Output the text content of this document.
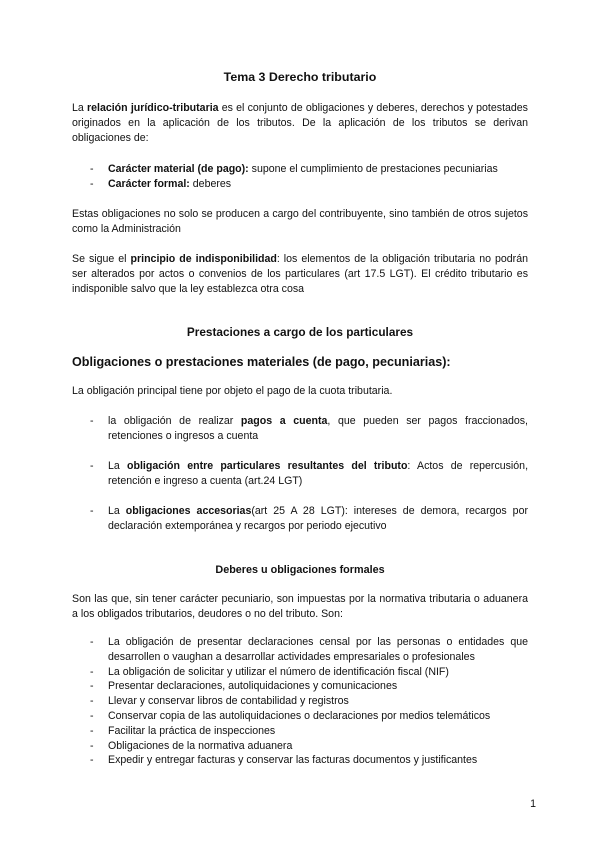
Tema 3 Derecho tributario
La relación jurídico-tributaria es el conjunto de obligaciones y deberes, derechos y potestades originados en la aplicación de los tributos. De la aplicación de los tributos se derivan obligaciones de:
- Carácter material (de pago): supone el cumplimiento de prestaciones pecuniarias
- Carácter formal: deberes
Estas obligaciones no solo se producen a cargo del contribuyente, sino también de otros sujetos como la Administración
Se sigue el principio de indisponibilidad: los elementos de la obligación tributaria no podrán ser alterados por actos o convenios de los particulares (art 17.5 LGT). El crédito tributario es indisponible salvo que la ley establezca otra cosa
Prestaciones a cargo de los particulares
Obligaciones o prestaciones materiales (de pago, pecuniarias):
La obligación principal tiene por objeto el pago de la cuota tributaria.
- la obligación de realizar pagos a cuenta, que pueden ser pagos fraccionados, retenciones o ingresos a cuenta
- La obligación entre particulares resultantes del tributo: Actos de repercusión, retención e ingreso a cuenta (art.24 LGT)
- La obligaciones accesorias(art 25 A 28 LGT): intereses de demora, recargos por declaración extemporánea y recargos por periodo ejecutivo
Deberes u obligaciones formales
Son las que, sin tener carácter pecuniario, son impuestas por la normativa tributaria o aduanera a los obligados tributarios, deudores o no del tributo. Son:
- La obligación de presentar declaraciones censal por las personas o entidades que desarrollen o vaughan a desarrollar actividades empresariales o profesionales
- La obligación de solicitar y utilizar el número de identificación fiscal (NIF)
- Presentar declaraciones, autoliquidaciones y comunicaciones
- Llevar y conservar libros de contabilidad y registros
- Conservar copia de las autoliquidaciones o declaraciones por medios telemáticos
- Facilitar la práctica de inspecciones
- Obligaciones de la normativa aduanera
- Expedir y entregar facturas y conservar las facturas documentos y justificantes
1
